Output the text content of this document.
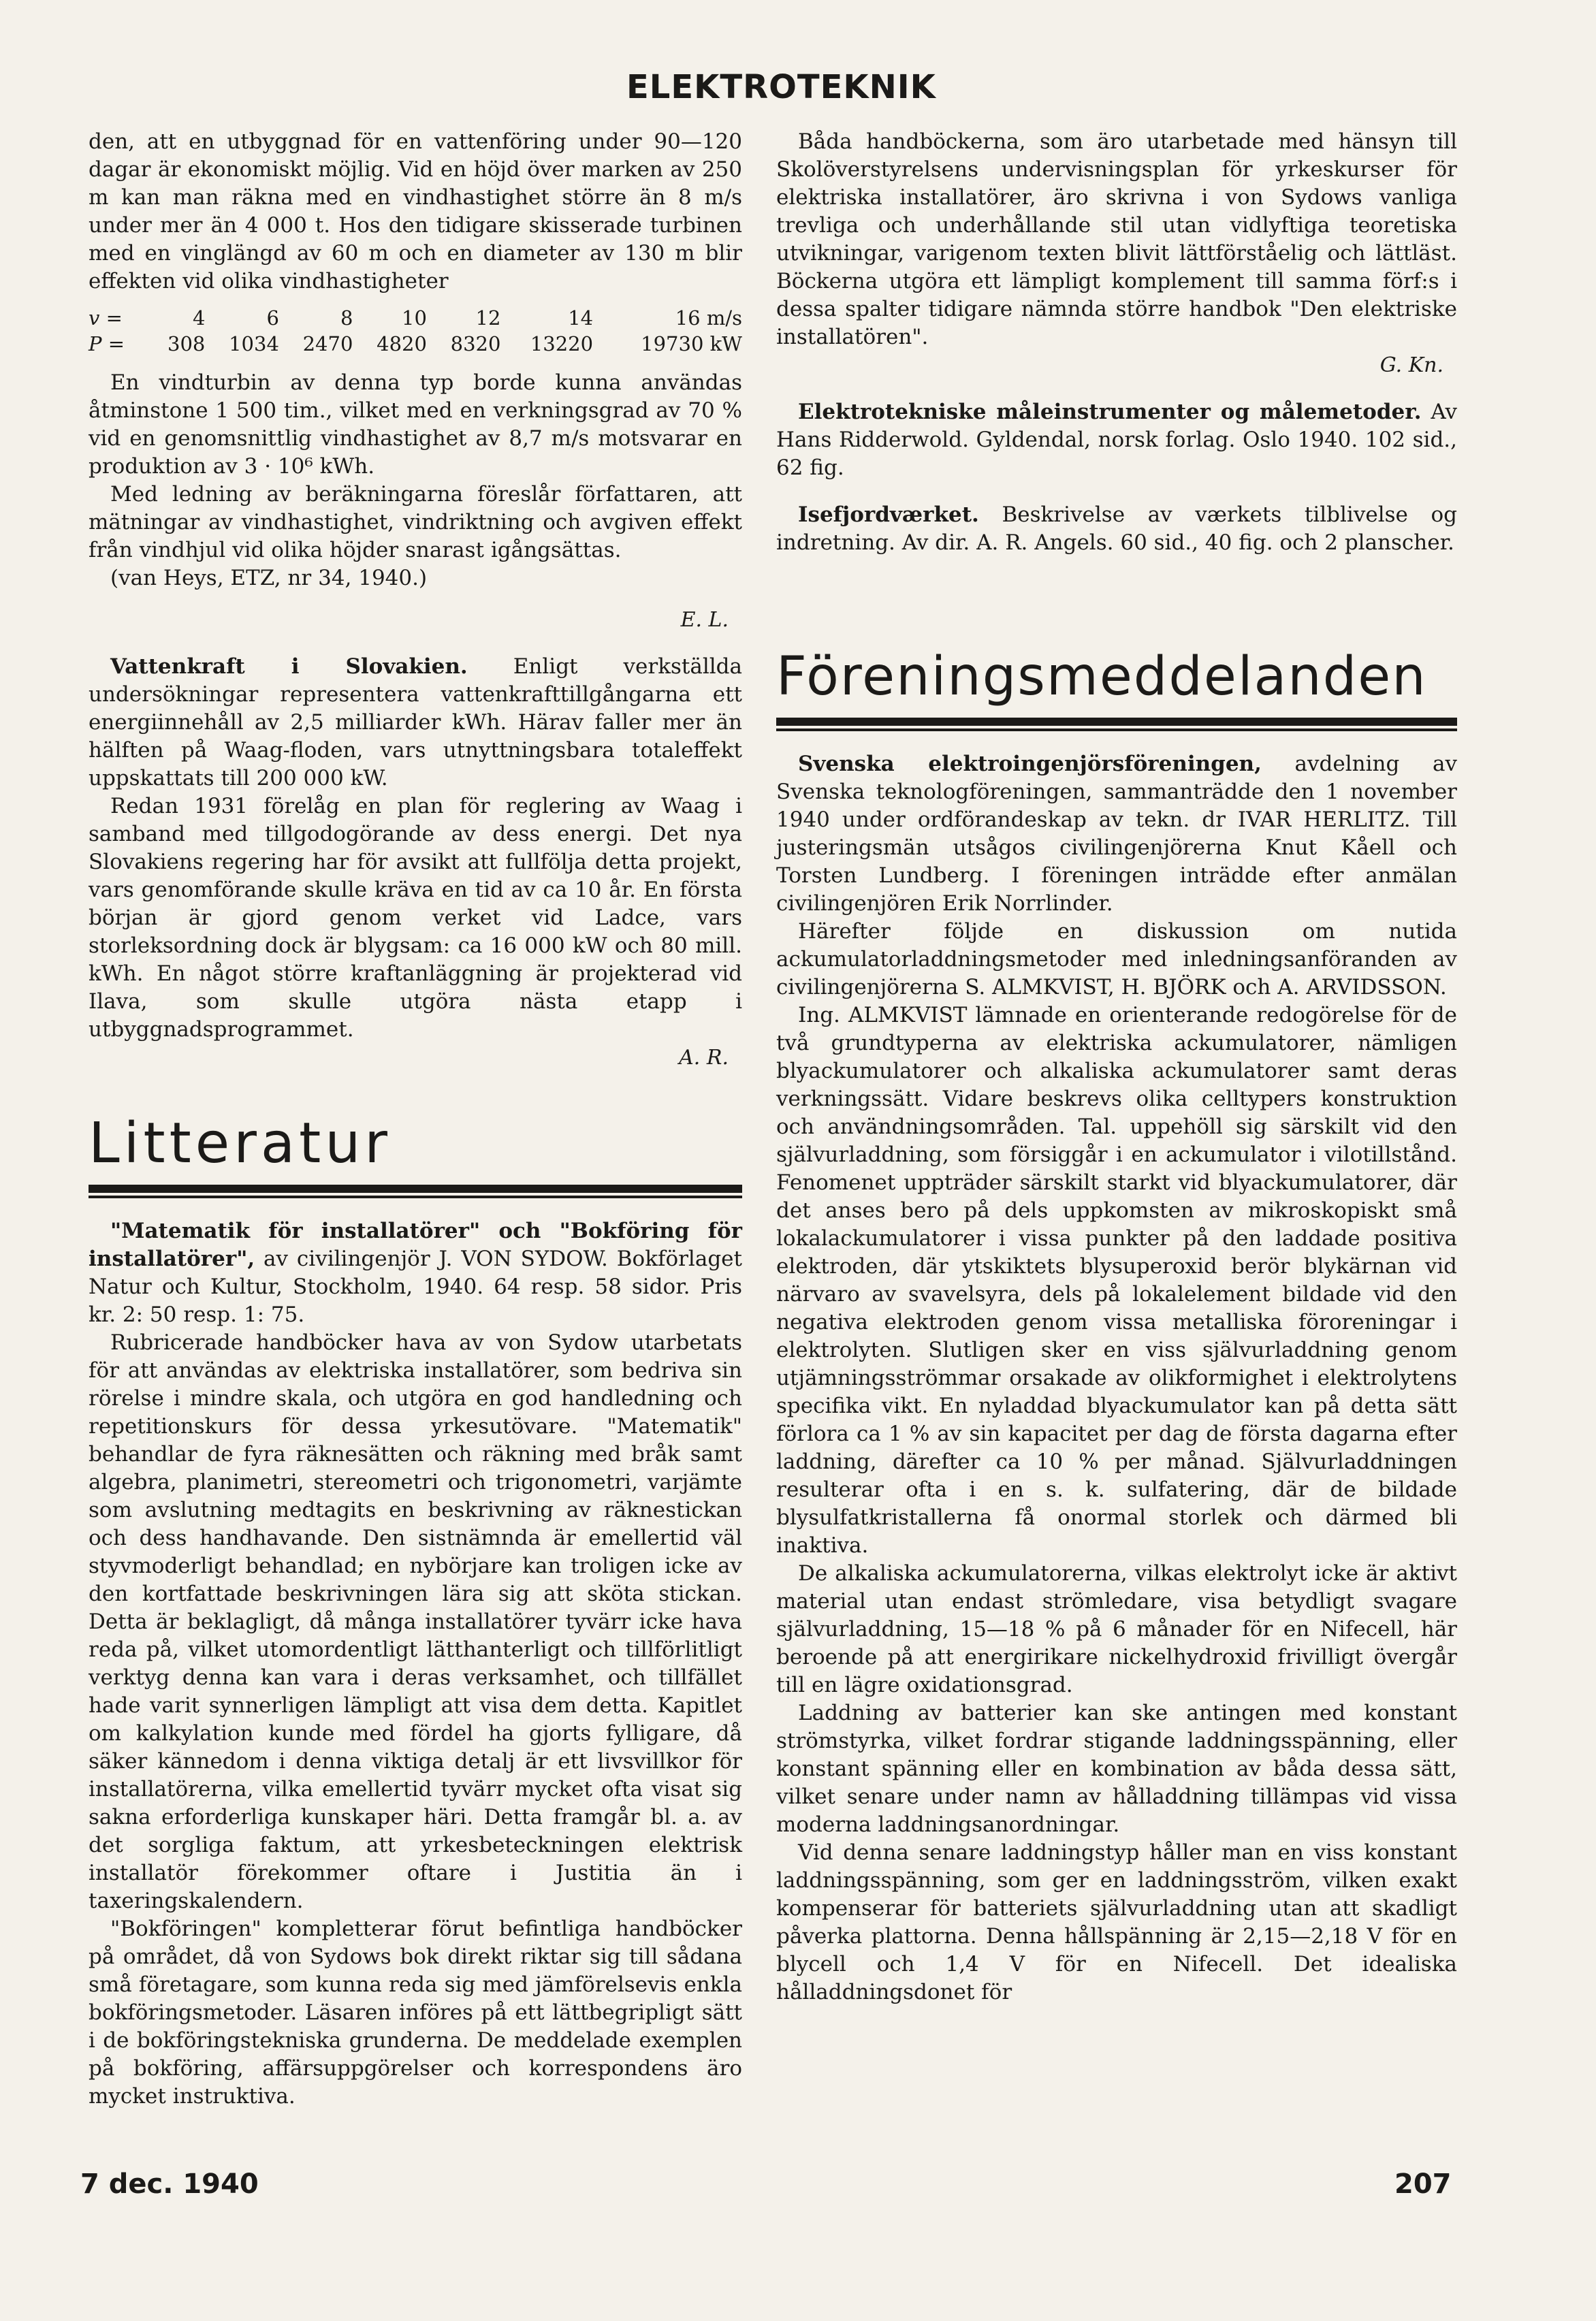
ELEKTROTEKNIK

den, att en utbyggnad för en vattenföring under 90—120 dagar är ekonomiskt möjlig. Vid en höjd över marken av 250 m kan man räkna med en vindhastighet större än 8 m/s under mer än 4 000 t. Hos den tidigare skisserade turbinen med en vinglängd av 60 m och en diameter av 130 m blir effekten vid olika vindhastigheter

v =	4	6	8	10	12	14	16 m/s
P =	308	1034	2470	4820	8320	13220	19730 kW

En vindturbin av denna typ borde kunna användas åtminstone 1 500 tim., vilket med en verkningsgrad av 70 % vid en genomsnittlig vindhastighet av 8,7 m/s motsvarar en produktion av 3 · 10⁶ kWh.

Med ledning av beräkningarna föreslår författaren, att mätningar av vindhastighet, vindriktning och avgiven effekt från vindhjul vid olika höjder snarast igångsättas.

(van Heys, ETZ, nr 34, 1940.)

E. L.

Vattenkraft i Slovakien. Enligt verkställda undersökningar representera vattenkrafttillgångarna ett energiinnehåll av 2,5 milliarder kWh. Härav faller mer än hälften på Waag-floden, vars utnyttningsbara totaleffekt uppskattats till 200 000 kW.

Redan 1931 förelåg en plan för reglering av Waag i samband med tillgodogörande av dess energi. Det nya Slovakiens regering har för avsikt att fullfölja detta projekt, vars genomförande skulle kräva en tid av ca 10 år. En första början är gjord genom verket vid Ladce, vars storleksordning dock är blygsam: ca 16 000 kW och 80 mill. kWh. En något större kraftanläggning är projekterad vid Ilava, som skulle utgöra nästa etapp i utbyggnadsprogrammet.

A. R.
Litteratur

"Matematik för installatörer" och "Bokföring för installatörer", av civilingenjör J. VON SYDOW. Bokförlaget Natur och Kultur, Stockholm, 1940. 64 resp. 58 sidor. Pris kr. 2: 50 resp. 1: 75.

Rubricerade handböcker hava av von Sydow utarbetats för att användas av elektriska installatörer, som bedriva sin rörelse i mindre skala, och utgöra en god handledning och repetitionskurs för dessa yrkesutövare. "Matematik" behandlar de fyra räknesätten och räkning med bråk samt algebra, planimetri, stereometri och trigonometri, varjämte som avslutning medtagits en beskrivning av räknestickan och dess handhavande. Den sistnämnda är emellertid väl styvmoderligt behandlad; en nybörjare kan troligen icke av den kortfattade beskrivningen lära sig att sköta stickan. Detta är beklagligt, då många installatörer tyvärr icke hava reda på, vilket utomordentligt lätthanterligt och tillförlitligt verktyg denna kan vara i deras verksamhet, och tillfället hade varit synnerligen lämpligt att visa dem detta. Kapitlet om kalkylation kunde med fördel ha gjorts fylligare, då säker kännedom i denna viktiga detalj är ett livsvillkor för installatörerna, vilka emellertid tyvärr mycket ofta visat sig sakna erforderliga kunskaper häri. Detta framgår bl. a. av det sorgliga faktum, att yrkesbeteckningen elektrisk installatör förekommer oftare i Justitia än i taxeringskalendern.

"Bokföringen" kompletterar förut befintliga handböcker på området, då von Sydows bok direkt riktar sig till sådana små företagare, som kunna reda sig med jämförelsevis enkla bokföringsmetoder. Läsaren införes på ett lättbegripligt sätt i de bokföringstekniska grunderna. De meddelade exemplen på bokföring, affärsuppgörelser och korrespondens äro mycket instruktiva.

Båda handböckerna, som äro utarbetade med hänsyn till Skolöverstyrelsens undervisningsplan för yrkeskurser för elektriska installatörer, äro skrivna i von Sydows vanliga trevliga och underhållande stil utan vidlyftiga teoretiska utvikningar, varigenom texten blivit lättförståelig och lättläst. Böckerna utgöra ett lämpligt komplement till samma förf:s i dessa spalter tidigare nämnda större handbok "Den elektriske installatören".

G. Kn.

Elektrotekniske måleinstrumenter og målemetoder. Av Hans Ridderwold. Gyldendal, norsk forlag. Oslo 1940. 102 sid., 62 fig.

Isefjordværket. Beskrivelse av værkets tilblivelse og indretning. Av dir. A. R. Angels. 60 sid., 40 fig. och 2 planscher.

Föreningsmeddelanden

Svenska elektroingenjörsföreningen, avdelning av Svenska teknologföreningen, sammanträdde den 1 november 1940 under ordförandeskap av tekn. dr IVAR HERLITZ. Till justeringsmän utsågos civilingenjörerna Knut Kåell och Torsten Lundberg. I föreningen inträdde efter anmälan civilingenjören Erik Norrlinder.

Härefter följde en diskussion om nutida ackumulatorladdningsmetoder med inledningsanföranden av civilingenjörerna S. ALMKVIST, H. BJÖRK och A. ARVIDSSON.

Ing. ALMKVIST lämnade en orienterande redogörelse för de två grundtyperna av elektriska ackumulatorer, nämligen blyackumulatorer och alkaliska ackumulatorer samt deras verkningssätt. Vidare beskrevs olika celltypers konstruktion och användningsområden. Tal. uppehöll sig särskilt vid den självurladdning, som försiggår i en ackumulator i vilotillstånd. Fenomenet uppträder särskilt starkt vid blyackumulatorer, där det anses bero på dels uppkomsten av mikroskopiskt små lokalackumulatorer i vissa punkter på den laddade positiva elektroden, där ytskiktets blysuperoxid berör blykärnan vid närvaro av svavelsyra, dels på lokalelement bildade vid den negativa elektroden genom vissa metalliska föroreningar i elektrolyten. Slutligen sker en viss självurladdning genom utjämningsströmmar orsakade av olikformighet i elektrolytens specifika vikt. En nyladdad blyackumulator kan på detta sätt förlora ca 1 % av sin kapacitet per dag de första dagarna efter laddning, därefter ca 10 % per månad. Självurladdningen resulterar ofta i en s. k. sulfatering, där de bildade blysulfatkristallerna få onormal storlek och därmed bli inaktiva.

De alkaliska ackumulatorerna, vilkas elektrolyt icke är aktivt material utan endast strömledare, visa betydligt svagare självurladdning, 15—18 % på 6 månader för en Nifecell, här beroende på att energirikare nickelhydroxid frivilligt övergår till en lägre oxidationsgrad.

Laddning av batterier kan ske antingen med konstant strömstyrka, vilket fordrar stigande laddningsspänning, eller konstant spänning eller en kombination av båda dessa sätt, vilket senare under namn av hålladdning tillämpas vid vissa moderna laddningsanordningar.

Vid denna senare laddningstyp håller man en viss konstant laddningsspänning, som ger en laddningsström, vilken exakt kompenserar för batteriets självurladdning utan att skadligt påverka plattorna. Denna hållspänning är 2,15—2,18 V för en blycell och 1,4 V för en Nifecell. Det idealiska hålladdningsdonet för

7 dec. 1940	207
